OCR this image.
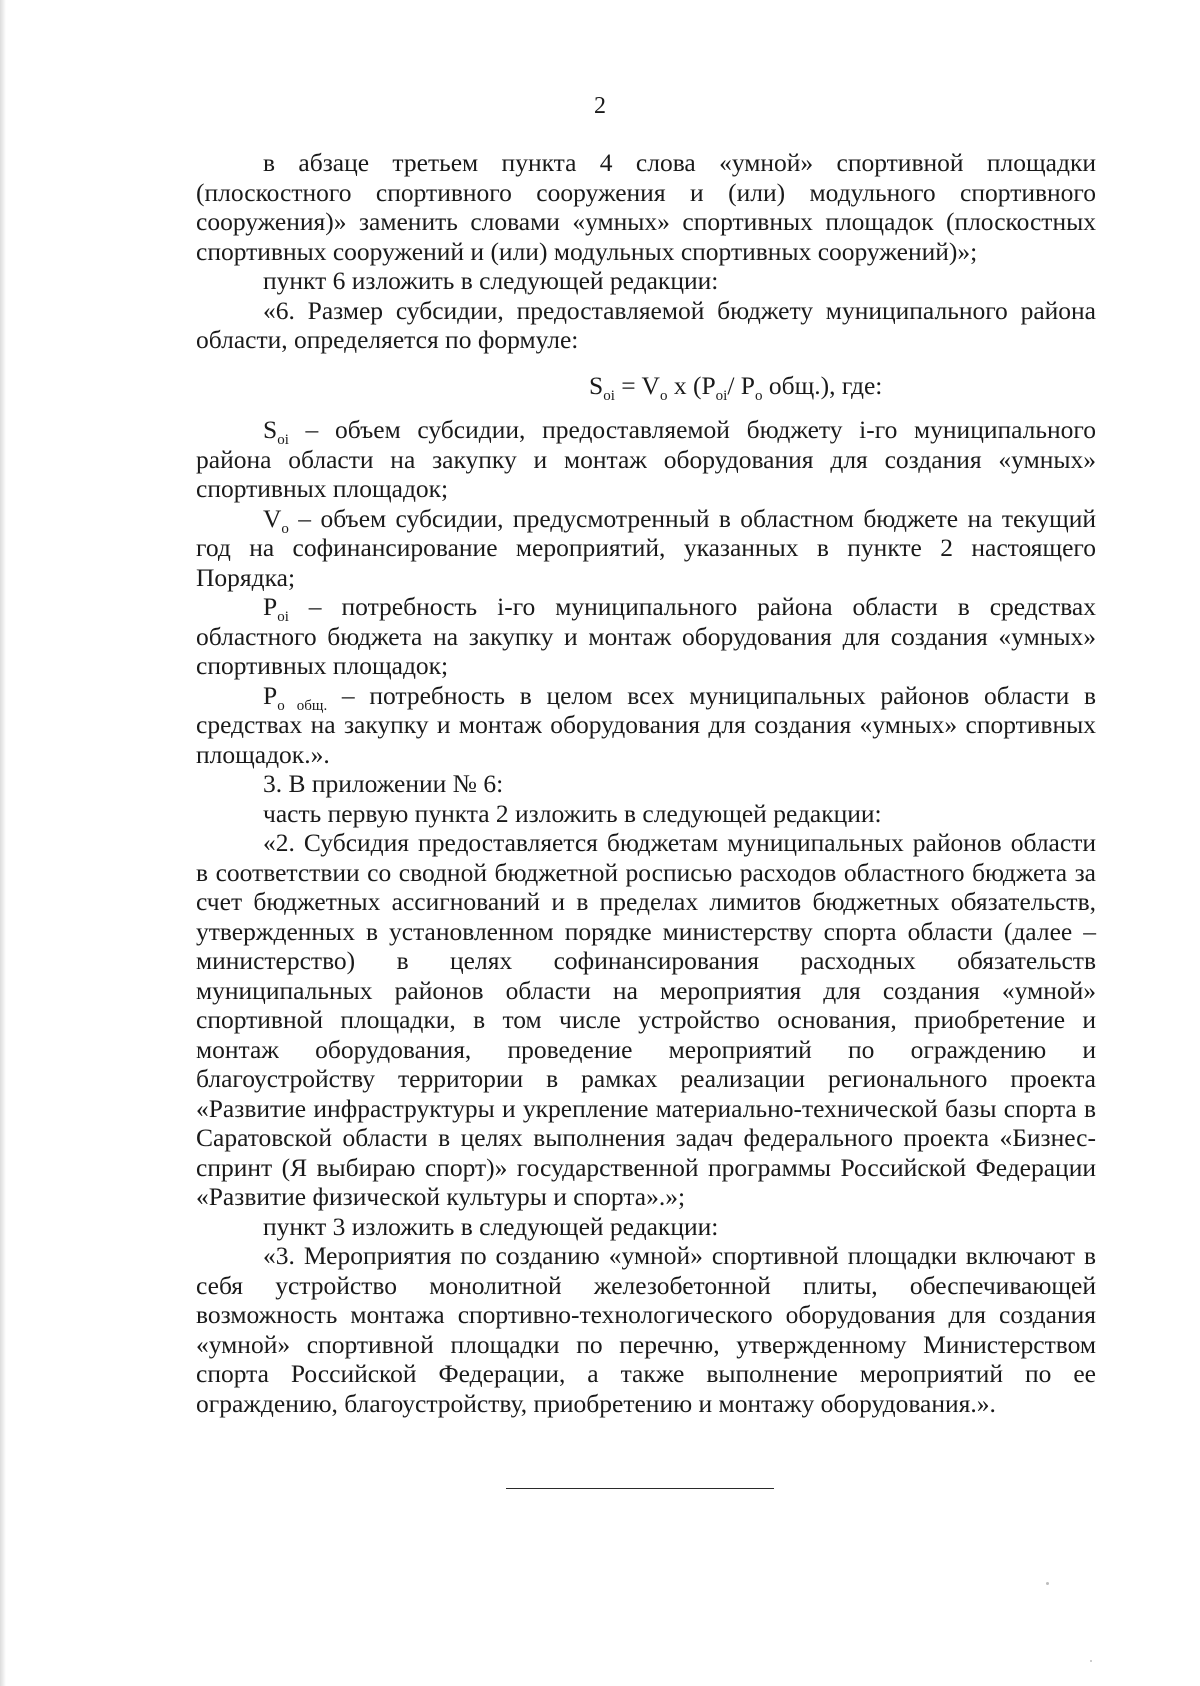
2

в абзаце третьем пункта 4 слова «умной» спортивной площадки (плоскостного спортивного сооружения и (или) модульного спортивного сооружения)» заменить словами «умных» спортивных площадок (плоскостных спортивных сооружений и (или) модульных спортивных сооружений)»;

пункт 6 изложить в следующей редакции:

«6. Размер субсидии, предоставляемой бюджету муниципального района области, определяется по формуле:

$S_{oi} = V_o$ x ($P_{oi}/$ $P_o$ общ.), где:

$S_{oi}$ – объем субсидии, предоставляемой бюджету i-го муниципального района области на закупку и монтаж оборудования для создания «умных» спортивных площадок;

$V_o$ – объем субсидии, предусмотренный в областном бюджете на текущий год на софинансирование мероприятий, указанных в пункте 2 настоящего Порядка;

$P_{oi}$ – потребность i-го муниципального района области в средствах областного бюджета на закупку и монтаж оборудования для создания «умных» спортивных площадок;

$P_{o общ.}$ – потребность в целом всех муниципальных районов области в средствах на закупку и монтаж оборудования для создания «умных» спортивных площадок.».

3. В приложении № 6:

часть первую пункта 2 изложить в следующей редакции:

«2. Субсидия предоставляется бюджетам муниципальных районов области в соответствии со сводной бюджетной росписью расходов областного бюджета за счет бюджетных ассигнований и в пределах лимитов бюджетных обязательств, утвержденных в установленном порядке министерству спорта области (далее – министерство) в целях софинансирования расходных обязательств муниципальных районов области на мероприятия для создания «умной» спортивной площадки, в том числе устройство основания, приобретение и монтаж оборудования, проведение мероприятий по ограждению и благоустройству территории в рамках реализации регионального проекта «Развитие инфраструктуры и укрепление материально-технической базы спорта в Саратовской области в целях выполнения задач федерального проекта «Бизнес-спринт (Я выбираю спорт)» государственной программы Российской Федерации «Развитие физической культуры и спорта».»;

пункт 3 изложить в следующей редакции:

«3. Мероприятия по созданию «умной» спортивной площадки включают в себя устройство монолитной железобетонной плиты, обеспечивающей возможность монтажа спортивно-технологического оборудования для создания «умной» спортивной площадки по перечню, утвержденному Министерством спорта Российской Федерации, а также выполнение мероприятий по ее ограждению, благоустройству, приобретению и монтажу оборудования.».
